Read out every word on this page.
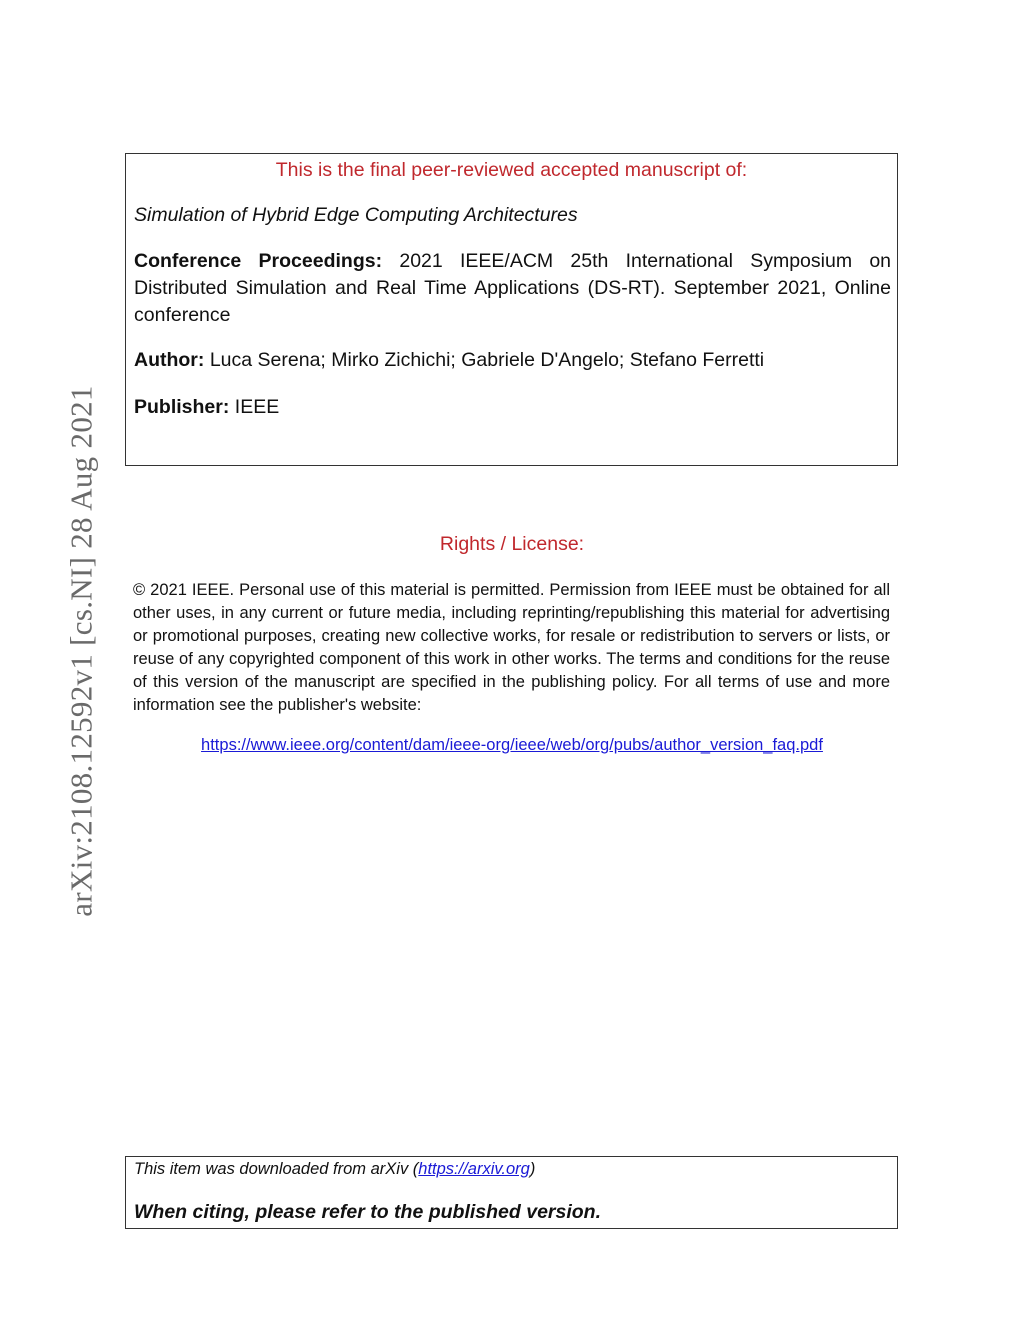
arXiv:2108.12592v1 [cs.NI] 28 Aug 2021
This is the final peer-reviewed accepted manuscript of:
Simulation of Hybrid Edge Computing Architectures
Conference Proceedings: 2021 IEEE/ACM 25th International Symposium on Distributed Simulation and Real Time Applications (DS-RT). September 2021, Online conference
Author: Luca Serena; Mirko Zichichi; Gabriele D'Angelo; Stefano Ferretti
Publisher: IEEE
Rights / License:
© 2021 IEEE. Personal use of this material is permitted. Permission from IEEE must be obtained for all other uses, in any current or future media, including reprinting/republishing this material for advertising or promotional purposes, creating new collective works, for resale or redistribution to servers or lists, or reuse of any copyrighted component of this work in other works. The terms and conditions for the reuse of this version of the manuscript are specified in the publishing policy. For all terms of use and more information see the publisher's website:
https://www.ieee.org/content/dam/ieee-org/ieee/web/org/pubs/author_version_faq.pdf
This item was downloaded from arXiv (https://arxiv.org)
When citing, please refer to the published version.
